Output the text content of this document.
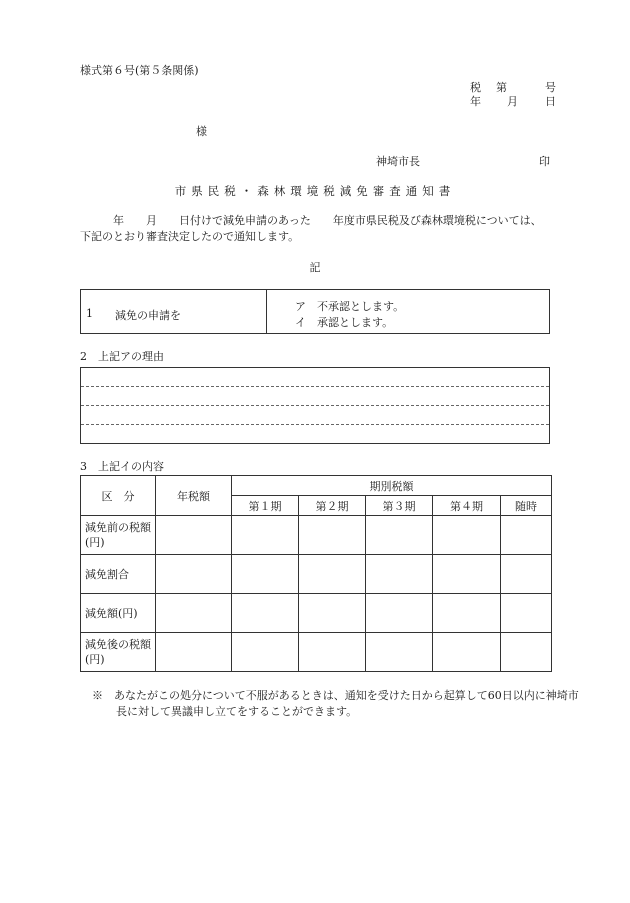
様式第６号(第５条関係)
税 第	号
年 月 日
様
神埼市長	印
市県民税・森林環境税減免審査通知書
　　　年　　月　　日付けで減免申請のあった　　年度市県民税及び森林環境税については、下記のとおり審査決定したので通知します。
記
1 減免の申請を
ア 不承認とします。
イ 承認とします。
2　上記アの理由
3　上記イの内容
区　分	年税額	期別税額				
		第１期	第２期	第３期	第４期	随時
減免前の税額(円)						
減免割合						
減免額(円)						
減免後の税額(円)						
※　あなたがこの処分について不服があるときは、通知を受けた日から起算して60日以内に神埼市長に対して異議申し立てをすることができます。
